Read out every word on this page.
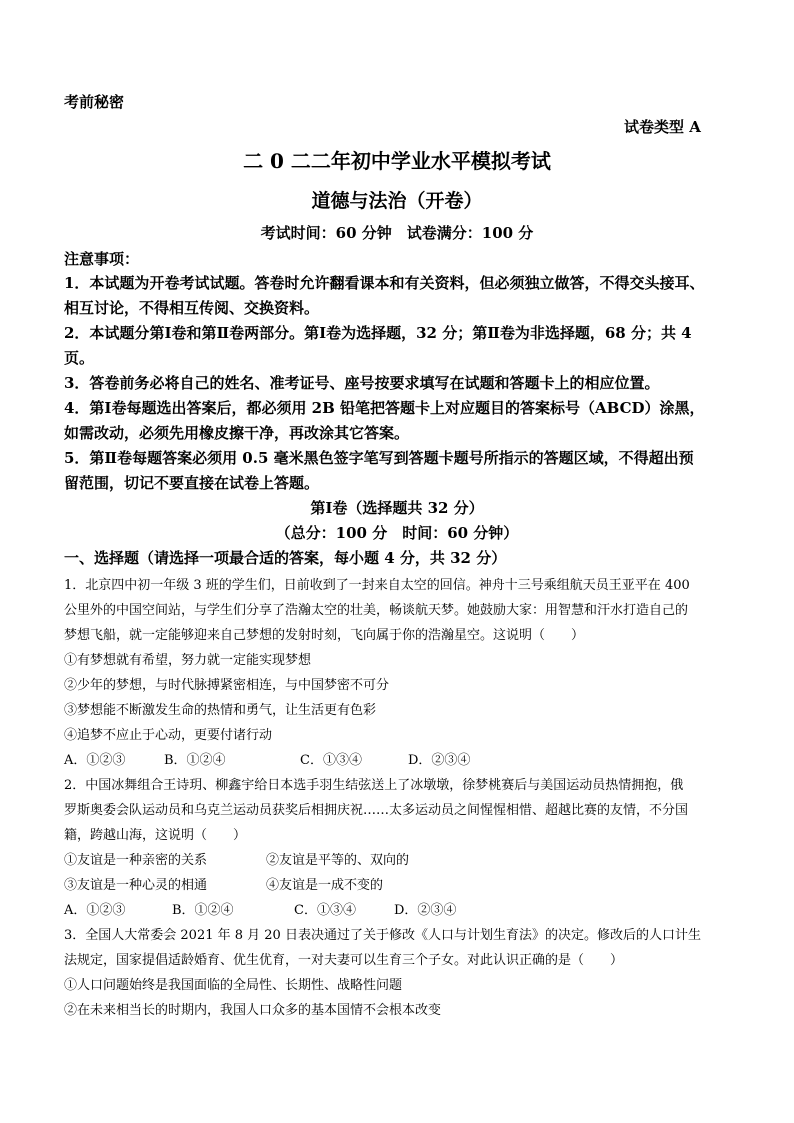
考前秘密
试卷类型 A
二 0 二二年初中学业水平模拟考试
道德与法治（开卷）
考试时间：60 分钟　试卷满分：100 分
注意事项：
1．本试题为开卷考试试题。答卷时允许翻看课本和有关资料，但必须独立做答，不得交头接耳、
相互讨论，不得相互传阅、交换资料。
2．本试题分第Ⅰ卷和第Ⅱ卷两部分。第Ⅰ卷为选择题，32 分；第Ⅱ卷为非选择题，68 分；共 4
页。
3．答卷前务必将自己的姓名、准考证号、座号按要求填写在试题和答题卡上的相应位置。
4．第Ⅰ卷每题选出答案后，都必须用 2B 铅笔把答题卡上对应题目的答案标号（ABCD）涂黑，
如需改动，必须先用橡皮擦干净，再改涂其它答案。
5．第Ⅱ卷每题答案必须用 0.5 毫米黑色签字笔写到答题卡题号所指示的答题区域，不得超出预
留范围，切记不要直接在试卷上答题。
第Ⅰ卷（选择题共 32 分）
（总分：100 分　时间：60 分钟）
一、选择题（请选择一项最合适的答案，每小题 4 分，共 32 分）
1．北京四中初一年级 3 班的学生们，日前收到了一封来自太空的回信。神舟十三号乘组航天员王亚平在 400
公里外的中国空间站，与学生们分享了浩瀚太空的壮美，畅谈航天梦。她鼓励大家：用智慧和汗水打造自己的
梦想飞船，就一定能够迎来自己梦想的发射时刻，飞向属于你的浩瀚星空。这说明（　　）
①有梦想就有希望，努力就一定能实现梦想
②少年的梦想，与时代脉搏紧密相连，与中国梦密不可分
③梦想能不断激发生命的热情和勇气，让生活更有色彩
④追梦不应止于心动，更要付诸行动
A．①②③	B．①②④	C．①③④	D．②③④
2．中国冰舞组合王诗玥、柳鑫宇给日本选手羽生结弦送上了冰墩墩，徐梦桃赛后与美国运动员热情拥抱，俄
罗斯奥委会队运动员和乌克兰运动员获奖后相拥庆祝……太多运动员之间惺惺相惜、超越比赛的友情，不分国
籍，跨越山海，这说明（　　）
①友谊是一种亲密的关系	②友谊是平等的、双向的
③友谊是一种心灵的相通	④友谊是一成不变的
A．①②③	B．①②④	C．①③④	D．②③④
3．全国人大常委会 2021 年 8 月 20 日表决通过了关于修改《人口与计划生育法》的决定。修改后的人口计生
法规定，国家提倡适龄婚育、优生优育，一对夫妻可以生育三个子女。对此认识正确的是（　　）
①人口问题始终是我国面临的全局性、长期性、战略性问题
②在未来相当长的时期内，我国人口众多的基本国情不会根本改变
